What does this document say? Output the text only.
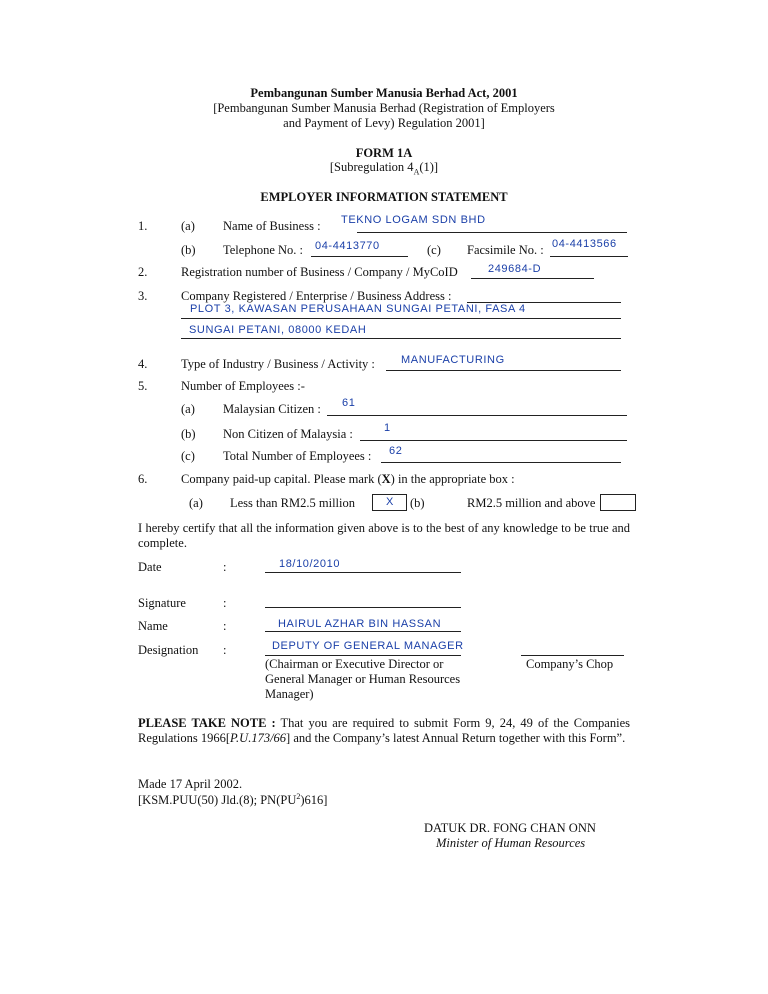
Pembangunan Sumber Manusia Berhad Act, 2001
[Pembangunan Sumber Manusia Berhad (Registration of Employers
and Payment of Levy) Regulation 2001]
FORM 1A
[Subregulation $4_A(1)$]
EMPLOYER INFORMATION STATEMENT
1.	(a) Name of Business : TEKNO LOGAM SDN BHD
(b) Telephone No. : 04-4413770	(c) Facsimile No. : 04-4413566
2.	Registration number of Business / Company / MyCoID	249684-D
3.	Company Registered / Enterprise / Business Address :
PLOT 3, KAWASAN PERUSAHAAN SUNGAI PETANI, FASA 4
SUNGAI PETANI, 08000 KEDAH
4.	Type of Industry / Business / Activity : MANUFACTURING
5.	Number of Employees :-
(a) Malaysian Citizen : 61
(b) Non Citizen of Malaysia :	1
(c) Total Number of Employees : 62
6.	Company paid-up capital. Please mark (X) in the appropriate box :
(a) Less than RM2.5 million	X (b)	RM2.5 million and above
I hereby certify that all the information given above is to the best of any knowledge to be true and complete.
Date	:	18/10/2010
Signature	:
Name	:	HAIRUL AZHAR BIN HASSAN
Designation :	DEPUTY OF GENERAL MANAGER
(Chairman or Executive Director or
General Manager or Human Resources
Manager)
Company’s Chop
PLEASE TAKE NOTE : That you are required to submit Form 9, 24, 49 of the Companies Regulations 1966[P.U.173/66] and the Company’s latest Annual Return together with this Form”.
Made 17 April 2002.
[KSM.PUU(50) Jld.(8); $PN(PU^2)616$]
DATUK DR. FONG CHAN ONN
Minister of Human Resources
